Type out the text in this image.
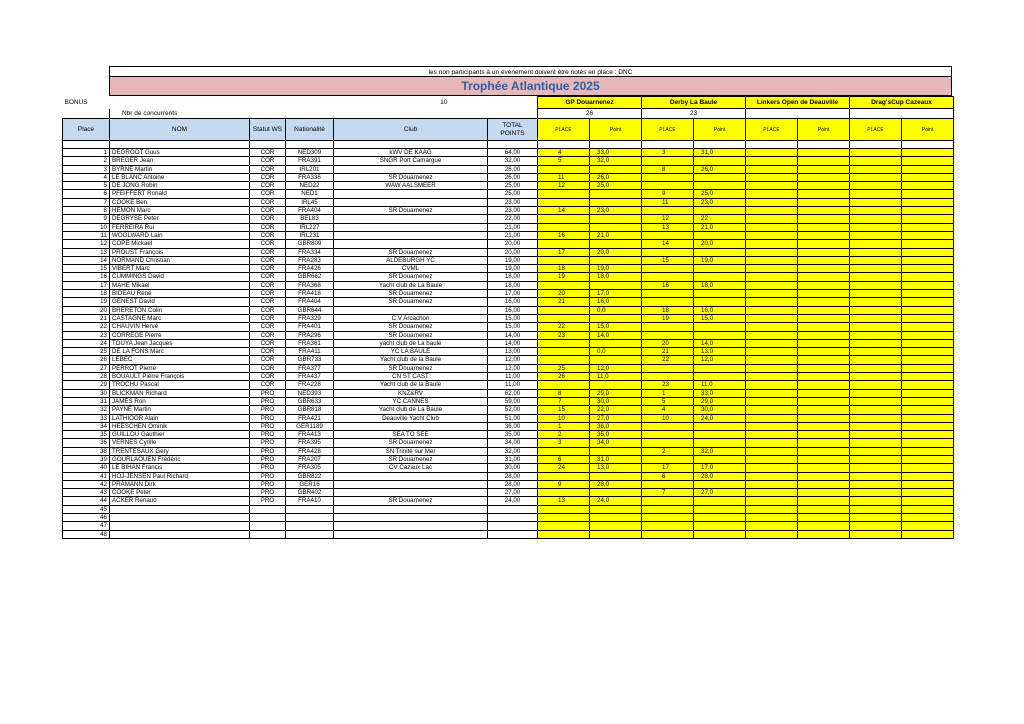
les non participants à un évenement doivent être notés en place : DNC
Trophée Atlantique 2025
BONUS	10					GP Douarnenez		Derby La Baule		Linkers Open de Deauville		Drag'sCup Cazeaux	
	Nbr de concurrents					26		23					
Place	NOM	Statut WS	Nationalité	Club	TOTAL POINTS	PLACE	Point	PLACE	Point	PLACE	Point	PLACE	Point

1	DEGROOT Guus	COR	NED309	kWV DE KAAG	64,00	4	33,0	3	31,0				
2	BREGER Jean	COR	FRA391	SNGR Port Camargue	32,00	5	32,0						
3	BYRNE Martin	COR	IRL201		26,00			8	26,0				
4	LE BLANC Antoine	COR	FRA336	SR Douarnenez	26,00	11	26,0						
5	DE JONG Robin	COR	NED22	WAW AALSMEER	25,00	12	25,0						
6	PFEIFFERT Ronald	COR	NED1		25,00			9	25,0				
7	COOKE Ben	COR	IRL45		23,00			11	23,0				
8	HEMON Marc	COR	FRA404	SR Douarnenez	23,00	14	23,0						
9	DEGRYSE Peter	COR	BEL83		22,00			12	22				
10	FERREIRA Rui	COR	IRL227		21,00			13	21,0				
11	WOOLWARD Lain	COR	IRL231		21,00	16	21,0						
12	COPE Mickael	COR	GBR809		20,00			14	20,0				
13	PROUST François	COR	FRA334	SR Douarnenez	20,00	17	20,0						
14	NORMAND Christian	COR	FRA283	ALDEBURGH YC	19,00			15	19,0				
15	VIBERT Marc	COR	FRA426	CVML	19,00	18	19,0						
16	CUMMINGS David	COR	GBR662	SR Douarnenez	18,00	19	18,0						
17	MAHE Mikael	COR	FRA368	Yacht club de La Baule	18,00			16	18,0				
18	BIDEAU René	COR	FRA418	SR Douarnenez	17,00	20	17,0						
19	GENEST David	COR	FRA404	SR Douarnenez	16,00	21	16,0						
20	BRERETON Colin	COR	GBR644		16,00		0,0	18	16,0				
21	CASTAGNE Marc	COR	FRA329	C V Arcachon	15,00			19	15,0				
22	CHAUVIN Hervé	COR	FRA401	SR Douarnenez	15,00	22	15,0						
23	CORREGE Pierre	COR	FRA296	SR Douarnenez	14,00	23	14,0						
24	TOUYA Jean Jacques	COR	FRA361	yacht club de La baule	14,00			20	14,0				
25	DE LA FONS Marc	COR	FRA411	YC LA BAULE	13,00		0,0	21	13,0				
26	LEBEC	COR	GBR733	Yacht club de la Baule	12,00			22	12,0				
27	PERROT Pierre	COR	FRA377	SR Douarnenez	12,00	25	12,0						
28	BOUAULT Pierre François	COR	FRA437	CN ST CAST	11,00	26	11,0						
29	TROCHU Pascal	COR	FRA228	Yacht club de la Baule	11,00			23	11,0				
30	BLICKMAN Richard	PRO	NED393	KNZ&RV	62,00	8	29,0	1	33,0				
31	JAMES Ron	PRO	GBR633	YC CANNES	59,00	7	30,0	5	29,0				
32	PAYNE Martin	PRO	GBR818	Yacht club de La Baule	52,00	15	22,0	4	30,0				
33	LATHIOOR Alain	PRO	FRA421	Deauville Yacht Club	51,00	10	27,0	10	24,0				
34	HEESCHEN Ominik	PRO	GER1189		36,00	1	36,0						
35	GUILLOU Gauthier	PRO	FRA413	SEA TO SEE	35,00	2	35,0						
36	VERNES Cyrille	PRO	FRA395	SR Douarnenez	34,00	3	34,0						
38	TRENTESAUX Gery	PRO	FRA428	SN Trinité sur Mer	32,00			2	32,0				
39	GOURLAOUEN Frédéric	PRO	FRA207	SR Douarnenez	31,00	6	31,0						
40	LE BIHAN Francis	PRO	FRA305	CV Cazaux Lac	30,00	24	13,0	17	17,0				
41	HOJ-JENSEN Paul Richard	PRO	GBR822		28,00			6	28,0				
42	PRAMANN Dirk	PRO	GER16		28,00	9	28,0						
43	COOKE Peter	PRO	GBR402		27,00			7	27,0				
44	ACKER Renaud	PRO	FRA410	SR Douarnenez	24,00	13	24,0						
45													
46													
47													
48													
